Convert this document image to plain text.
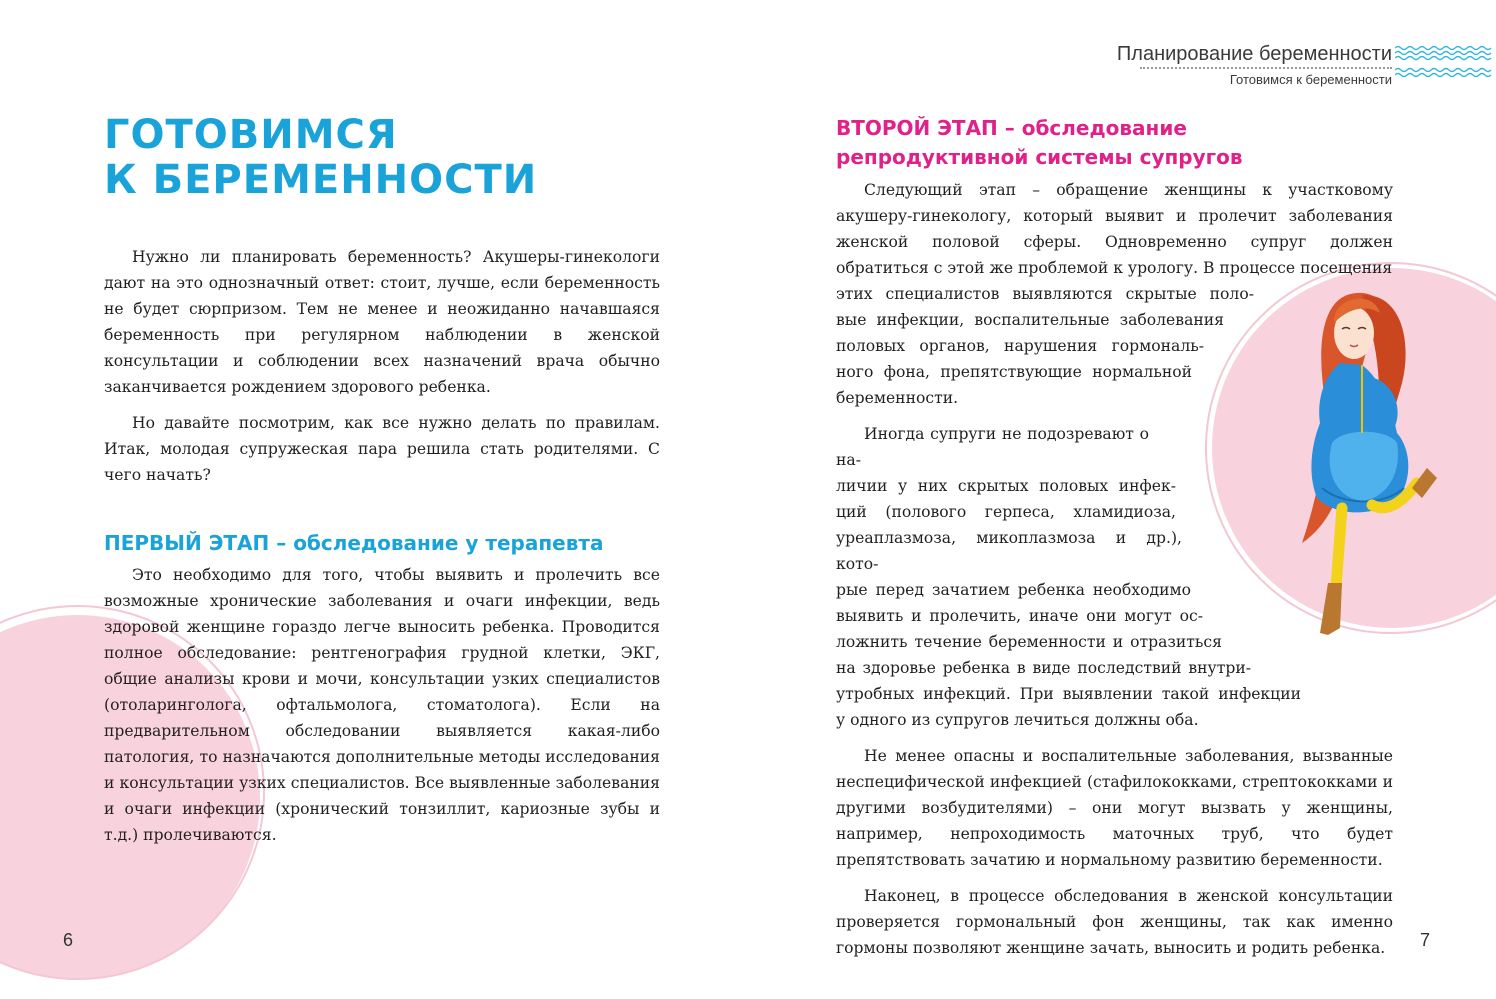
Планирование беременности
Готовимся к беременности
ГОТОВИМСЯ
К БЕРЕМЕННОСТИ

Нужно ли планировать беременность? Акушеры-гинекологи дают на это однозначный ответ: стоит, лучше, если беременность не будет сюрпризом. Тем не менее и неожиданно начавшаяся беременность при регулярном наблюдении в женской консультации и соблюдении всех назначений врача обычно заканчивается рождением здорового ребенка.

Но давайте посмотрим, как все нужно делать по правилам. Итак, молодая супружеская пара решила стать родителями. С чего начать?

ПЕРВЫЙ ЭТАП – обследование у терапевта

Это необходимо для того, чтобы выявить и пролечить все возможные хронические заболевания и очаги инфекции, ведь здоровой женщине гораздо легче выносить ребенка. Проводится полное обследование: рентгенография грудной клетки, ЭКГ, общие анализы крови и мочи, консультации узких специалистов (отоларинголога, офтальмолога, стоматолога). Если на предварительном обследовании выявляется какая-либо патология, то назначаются дополнительные методы исследования и консультации узких специалистов. Все выявленные заболевания и очаги инфекции (хронический тонзиллит, кариозные зубы и т.д.) пролечиваются.

6
ВТОРОЙ ЭТАП – обследование
репродуктивной системы супругов

Следующий этап – обращение женщины к участковому акушеру-гинекологу, который выявит и пролечит заболевания женской половой сферы. Одновременно супруг должен обратиться с этой же проблемой к урологу. В процессе посещения

этих специалистов выявляются скрытые поло-
вые инфекции, воспалительные заболевания
половых органов, нарушения гормональ-
ного фона, препятствующие нормальной
беременности.
Иногда супруги не подозревают о на-
личии у них скрытых половых инфек-
ций (полового герпеса, хламидиоза,
уреаплазмоза, микоплазмоза и др.), кото-
рые перед зачатием ребенка необходимо
выявить и пролечить, иначе они могут ос-
ложнить течение беременности и отразиться
на здоровье ребенка в виде последствий внутри-
утробных инфекций. При выявлении такой инфекции
у одного из супругов лечиться должны оба.

Не менее опасны и воспалительные заболевания, вызванные неспецифической инфекцией (стафилококками, стрептококками и другими возбудителями) – они могут вызвать у женщины, например, непроходимость маточных труб, что будет препятствовать зачатию и нормальному развитию беременности.

Наконец, в процессе обследования в женской консультации проверяется гормональный фон женщины, так как именно гормоны позволяют женщине зачать, выносить и родить ребенка.	7
